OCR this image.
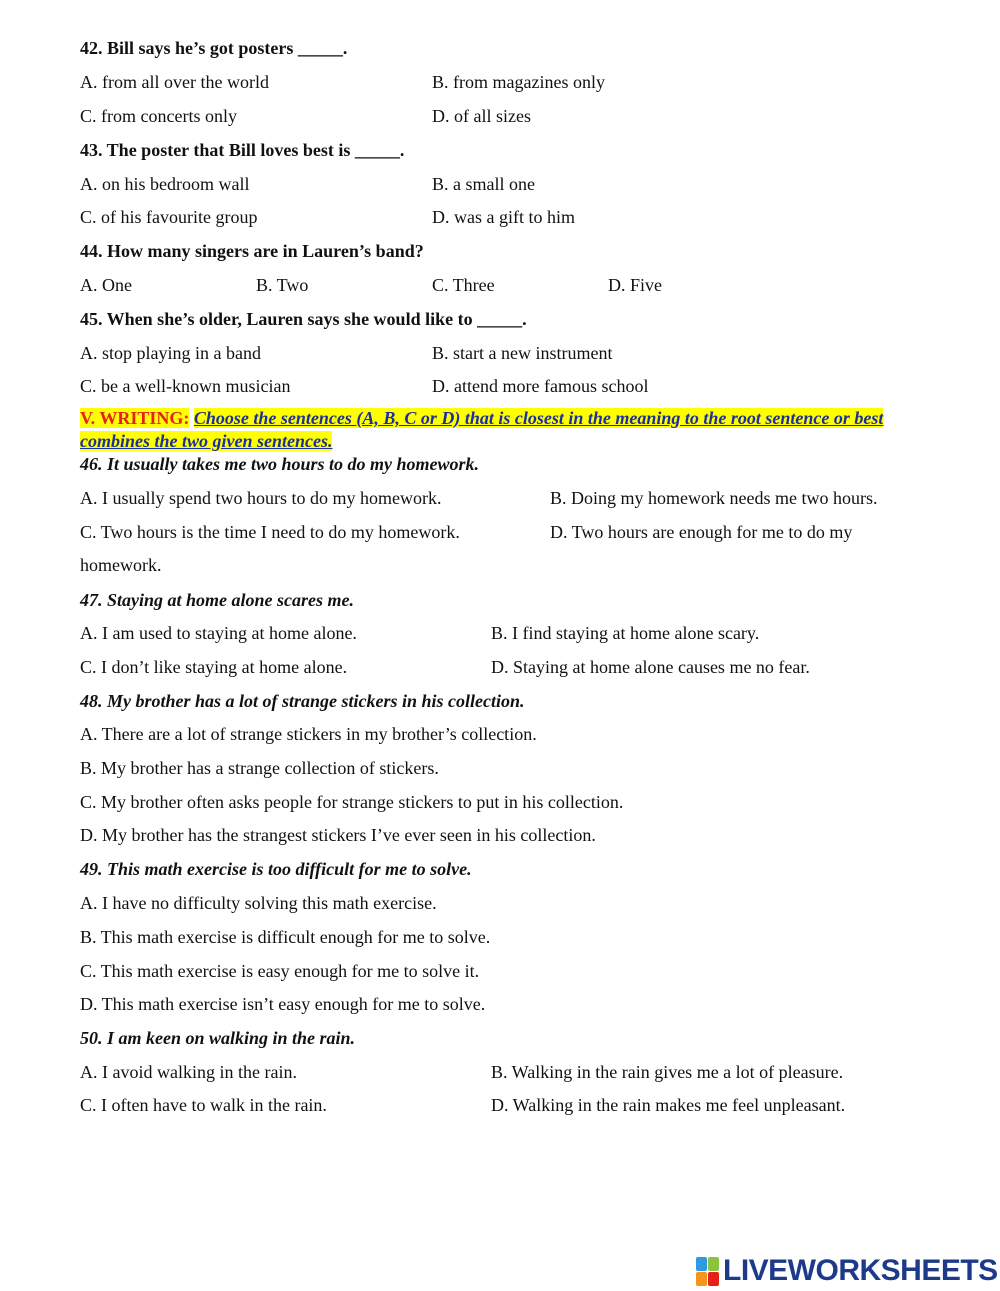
42. Bill says he’s got posters _____.
A. from all over the world	B. from magazines only
C. from concerts only	D. of all sizes
43. The poster that Bill loves best is _____.
A. on his bedroom wall	B. a small one
C. of his favourite group	D. was a gift to him
44. How many singers are in Lauren’s band?
A. One	B. Two	C. Three	D. Five
45. When she’s older, Lauren says she would like to _____.
A. stop playing in a band	B. start a new instrument
C. be a well-known musician	D. attend more famous school
V. WRITING: Choose the sentences (A, B, C or D) that is closest in the meaning to the root sentence or best combines the two given sentences.
46. It usually takes me two hours to do my homework.
A. I usually spend two hours to do my homework.	B. Doing my homework needs me two hours.
C. Two hours is the time I need to do my homework.	D. Two hours are enough for me to do my
homework.
47. Staying at home alone scares me.
A. I am used to staying at home alone.	B. I find staying at home alone scary.
C. I don’t like staying at home alone.	D. Staying at home alone causes me no fear.
48. My brother has a lot of strange stickers in his collection.
A. There are a lot of strange stickers in my brother’s collection.
B. My brother has a strange collection of stickers.
C. My brother often asks people for strange stickers to put in his collection.
D. My brother has the strangest stickers I’ve ever seen in his collection.
49. This math exercise is too difficult for me to solve.
A. I have no difficulty solving this math exercise.
B. This math exercise is difficult enough for me to solve.
C. This math exercise is easy enough for me to solve it.
D. This math exercise isn’t easy enough for me to solve.
50. I am keen on walking in the rain.
A. I avoid walking in the rain.	B. Walking in the rain gives me a lot of pleasure.
C. I often have to walk in the rain.	D. Walking in the rain makes me feel unpleasant.
LIVEWORKSHEETS
